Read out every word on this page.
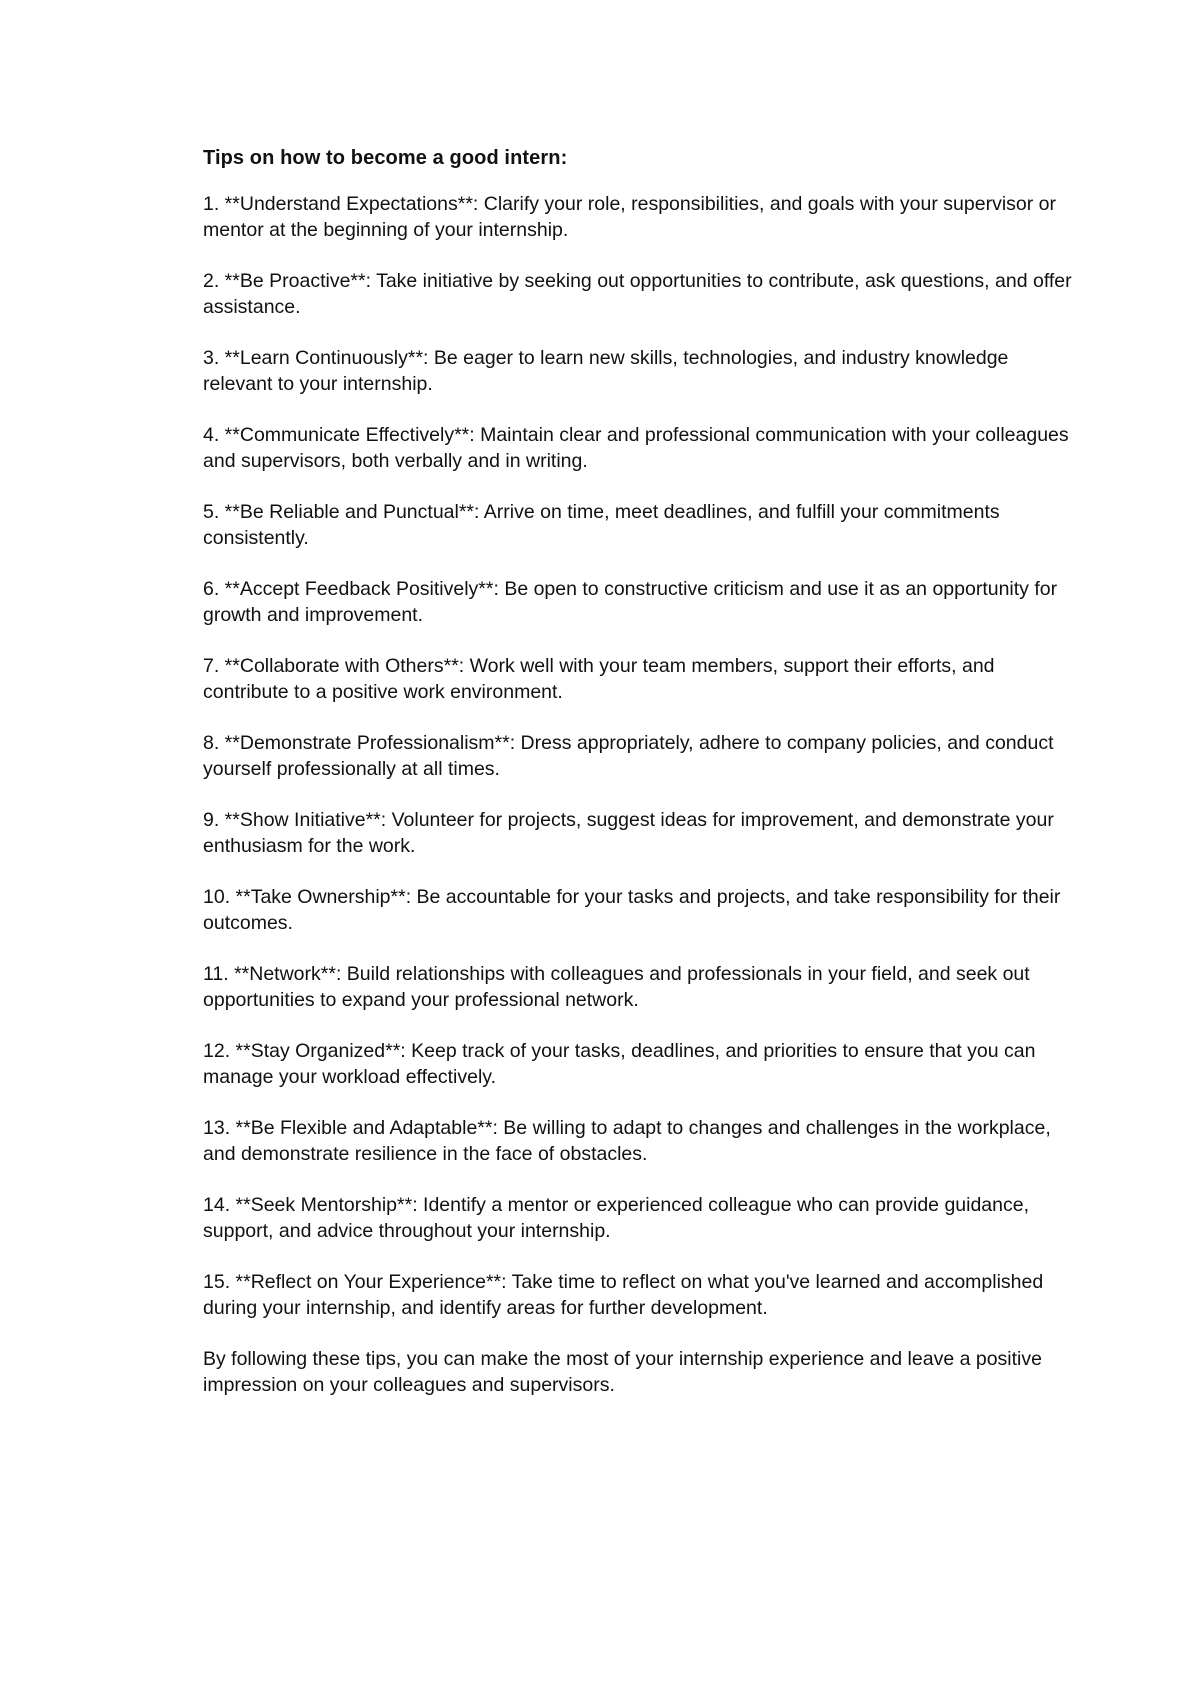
Tips on how to become a good intern:

1. **Understand Expectations**: Clarify your role, responsibilities, and goals with your supervisor or mentor at the beginning of your internship.

2. **Be Proactive**: Take initiative by seeking out opportunities to contribute, ask questions, and offer assistance.

3. **Learn Continuously**: Be eager to learn new skills, technologies, and industry knowledge relevant to your internship.

4. **Communicate Effectively**: Maintain clear and professional communication with your colleagues and supervisors, both verbally and in writing.

5. **Be Reliable and Punctual**: Arrive on time, meet deadlines, and fulfill your commitments consistently.

6. **Accept Feedback Positively**: Be open to constructive criticism and use it as an opportunity for growth and improvement.

7. **Collaborate with Others**: Work well with your team members, support their efforts, and contribute to a positive work environment.

8. **Demonstrate Professionalism**: Dress appropriately, adhere to company policies, and conduct yourself professionally at all times.

9. **Show Initiative**: Volunteer for projects, suggest ideas for improvement, and demonstrate your enthusiasm for the work.

10. **Take Ownership**: Be accountable for your tasks and projects, and take responsibility for their outcomes.

11. **Network**: Build relationships with colleagues and professionals in your field, and seek out opportunities to expand your professional network.

12. **Stay Organized**: Keep track of your tasks, deadlines, and priorities to ensure that you can manage your workload effectively.

13. **Be Flexible and Adaptable**: Be willing to adapt to changes and challenges in the workplace, and demonstrate resilience in the face of obstacles.

14. **Seek Mentorship**: Identify a mentor or experienced colleague who can provide guidance, support, and advice throughout your internship.

15. **Reflect on Your Experience**: Take time to reflect on what you've learned and accomplished during your internship, and identify areas for further development.

By following these tips, you can make the most of your internship experience and leave a positive impression on your colleagues and supervisors.
